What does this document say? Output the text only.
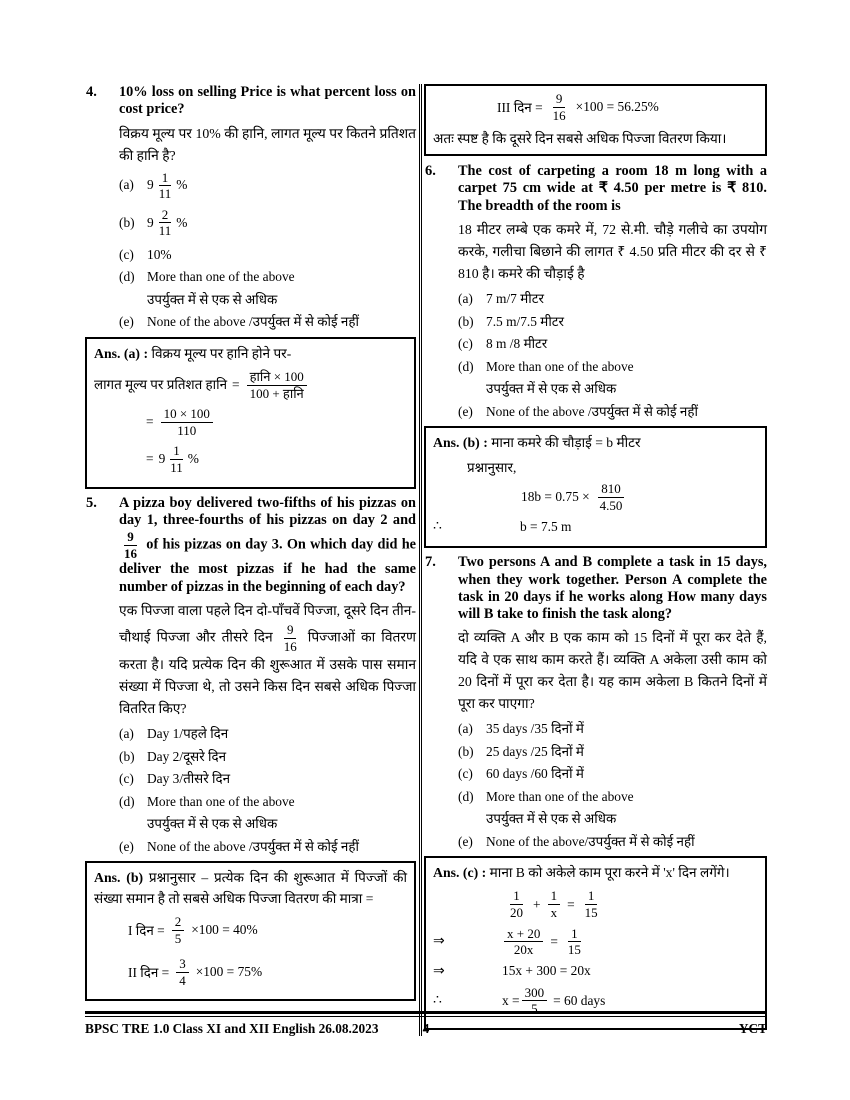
4.	10% loss on selling Price is what percent loss on cost price?

विक्रय मूल्य पर 10% की हानि, लागत मूल्य पर कितने प्रतिशत की हानि है?

(a) $9 \frac{1}{11}$ %
(b) $9 \frac{2}{11}$ %
(c) 10%
(d) More than one of the above
उपर्युक्त में से एक से अधिक
(e) None of the above /उपर्युक्त में से कोई नहीं

Ans. (a) : विक्रय मूल्य पर हानि होने पर-

लागत मूल्य पर प्रतिशत हानि = $\frac{\text{हानि × 100}}{\text{100 + हानि}}$
= $\frac{10 \times 100}{110}$
= $9 \frac{1}{11}$ %
5.	A pizza boy delivered two-fifths of his pizzas on day 1, three-fourths of his pizzas on day 2 and
$\frac{9}{16}$ of his pizzas on day 3. On which day did he deliver the most pizzas if he had the same number of pizzas in the beginning of each day?

एक पिज्जा वाला पहले दिन दो-पाँचवें पिज्जा, दूसरे दिन तीन-चौथाई पिज्जा और तीसरे दिन $\frac{9}{16}$ पिज्जाओं का वितरण करता है। यदि प्रत्येक दिन की शुरूआत में उसके पास समान संख्या में पिज्जा थे, तो उसने किस दिन सबसे अधिक पिज्जा वितरित किए?

(a) Day 1/पहले दिन
(b) Day 2/दूसरे दिन
(c) Day 3/तीसरे दिन
(d) More than one of the above
उपर्युक्त में से एक से अधिक
(e) None of the above /उपर्युक्त में से कोई नहीं

Ans. (b) प्रश्नानुसार – प्रत्येक दिन की शुरूआत में पिज्जों की संख्या समान है तो सबसे अधिक पिज्जा वितरण की मात्रा =

I दिन = $\frac{2}{5} \times 100 = 40\%$
II दिन = $\frac{3}{4} \times 100 = 75\%$
III दिन = $\frac{9}{16} \times 100 = 56.25\%$
अतः स्पष्ट है कि दूसरे दिन सबसे अधिक पिज्जा वितरण किया।
6.	The cost of carpeting a room 18 m long with a carpet 75 cm wide at ₹ 4.50 per metre is ₹ 810. The breadth of the room is

18 मीटर लम्बे एक कमरे में, 72 से.मी. चौड़े गलीचे का उपयोग करके, गलीचा बिछाने की लागत ₹ 4.50 प्रति मीटर की दर से ₹ 810 है। कमरे की चौड़ाई है

(a) 7 m/7 मीटर
(b) 7.5 m/7.5 मीटर
(c) 8 m /8 मीटर
(d) More than one of the above
उपर्युक्त में से एक से अधिक
(e) None of the above /उपर्युक्त में से कोई नहीं

Ans. (b) : माना कमरे की चौड़ाई = b मीटर

प्रश्नानुसार,
$18b = 0.75 \times \frac{810}{4.50}$
∴	b = 7.5 m
7.	Two persons A and B complete a task in 15 days, when they work together. Person A complete the task in 20 days if he works along How many days will B take to finish the task along?

दो व्यक्ति A और B एक काम को 15 दिनों में पूरा कर देते हैं, यदि वे एक साथ काम करते हैं। व्यक्ति A अकेला उसी काम को 20 दिनों में पूरा कर देता है। यह काम अकेला B कितने दिनों में पूरा कर पाएगा?

(a) 35 days /35 दिनों में
(b) 25 days /25 दिनों में
(c) 60 days /60 दिनों में
(d) More than one of the above
उपर्युक्त में से एक से अधिक
(e) None of the above/उपर्युक्त में से कोई नहीं

Ans. (c) : माना B को अकेले काम पूरा करने में 'x' दिन लगेंगे।

$\frac{1}{20} + \frac{1}{x} = \frac{1}{15}$
⇒	$\frac{x + 20}{20x} = \frac{1}{15}$
⇒	15x + 300 = 20x
∴	$x = \frac{300}{5} = 60$ days
BPSC TRE 1.0 Class XI and XII English 26.08.2023	4	YCT
